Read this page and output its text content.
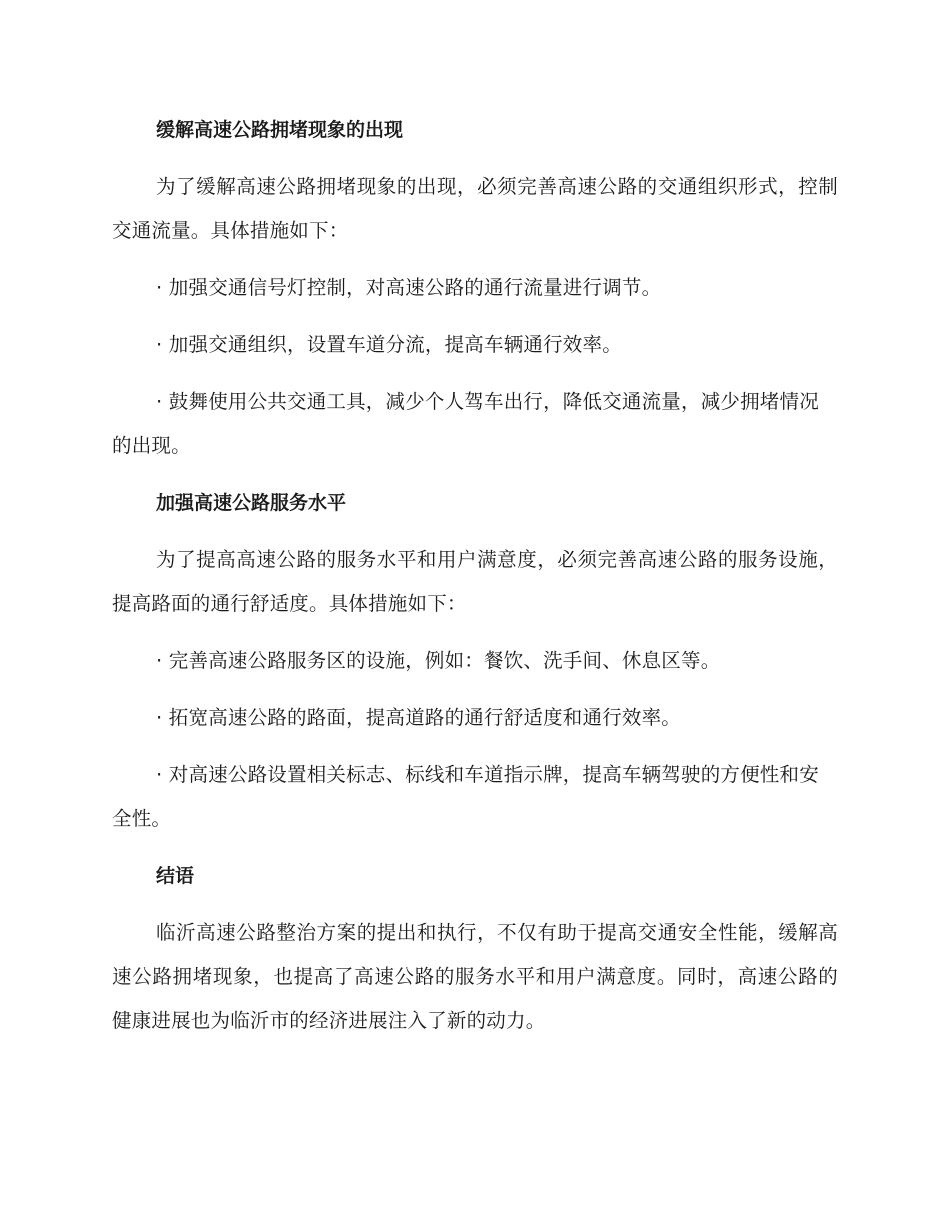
缓解高速公路拥堵现象的出现
为了缓解高速公路拥堵现象的出现，必须完善高速公路的交通组织形式，控制交通流量。具体措施如下：
· 加强交通信号灯控制，对高速公路的通行流量进行调节。
· 加强交通组织，设置车道分流，提高车辆通行效率。
· 鼓舞使用公共交通工具，减少个人驾车出行，降低交通流量，减少拥堵情况的出现。
加强高速公路服务水平
为了提高高速公路的服务水平和用户满意度，必须完善高速公路的服务设施，提高路面的通行舒适度。具体措施如下：
· 完善高速公路服务区的设施，例如：餐饮、洗手间、休息区等。
· 拓宽高速公路的路面，提高道路的通行舒适度和通行效率。
· 对高速公路设置相关标志、标线和车道指示牌，提高车辆驾驶的方便性和安全性。
结语
临沂高速公路整治方案的提出和执行，不仅有助于提高交通安全性能，缓解高速公路拥堵现象，也提高了高速公路的服务水平和用户满意度。同时，高速公路的健康进展也为临沂市的经济进展注入了新的动力。
